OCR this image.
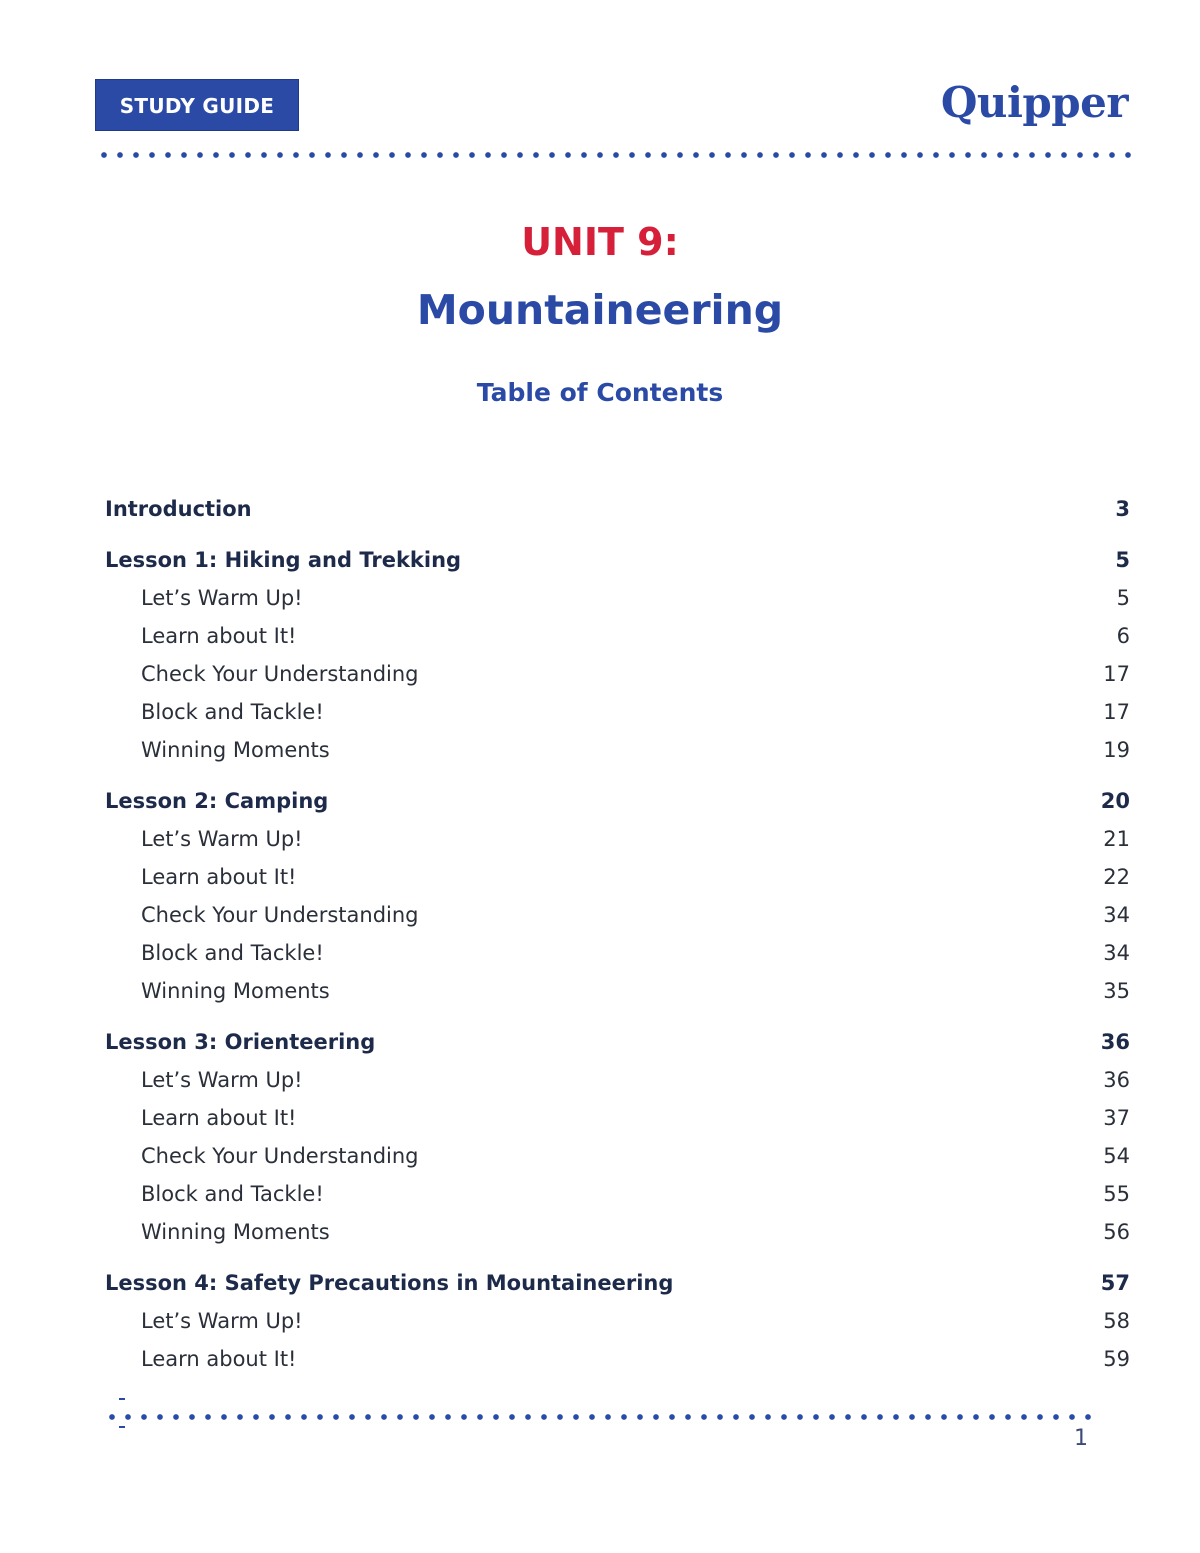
STUDY GUIDE	Quipper
UNIT 9:
Mountaineering
Table of Contents
Introduction	3
Lesson 1: Hiking and Trekking	5
Let’s Warm Up!	5
Learn about It!	6
Check Your Understanding	17
Block and Tackle!	17
Winning Moments	19
Lesson 2: Camping	20
Let’s Warm Up!	21
Learn about It!	22
Check Your Understanding	34
Block and Tackle!	34
Winning Moments	35
Lesson 3: Orienteering	36
Let’s Warm Up!	36
Learn about It!	37
Check Your Understanding	54
Block and Tackle!	55
Winning Moments	56
Lesson 4: Safety Precautions in Mountaineering	57
Let’s Warm Up!	58
Learn about It!	59
1
